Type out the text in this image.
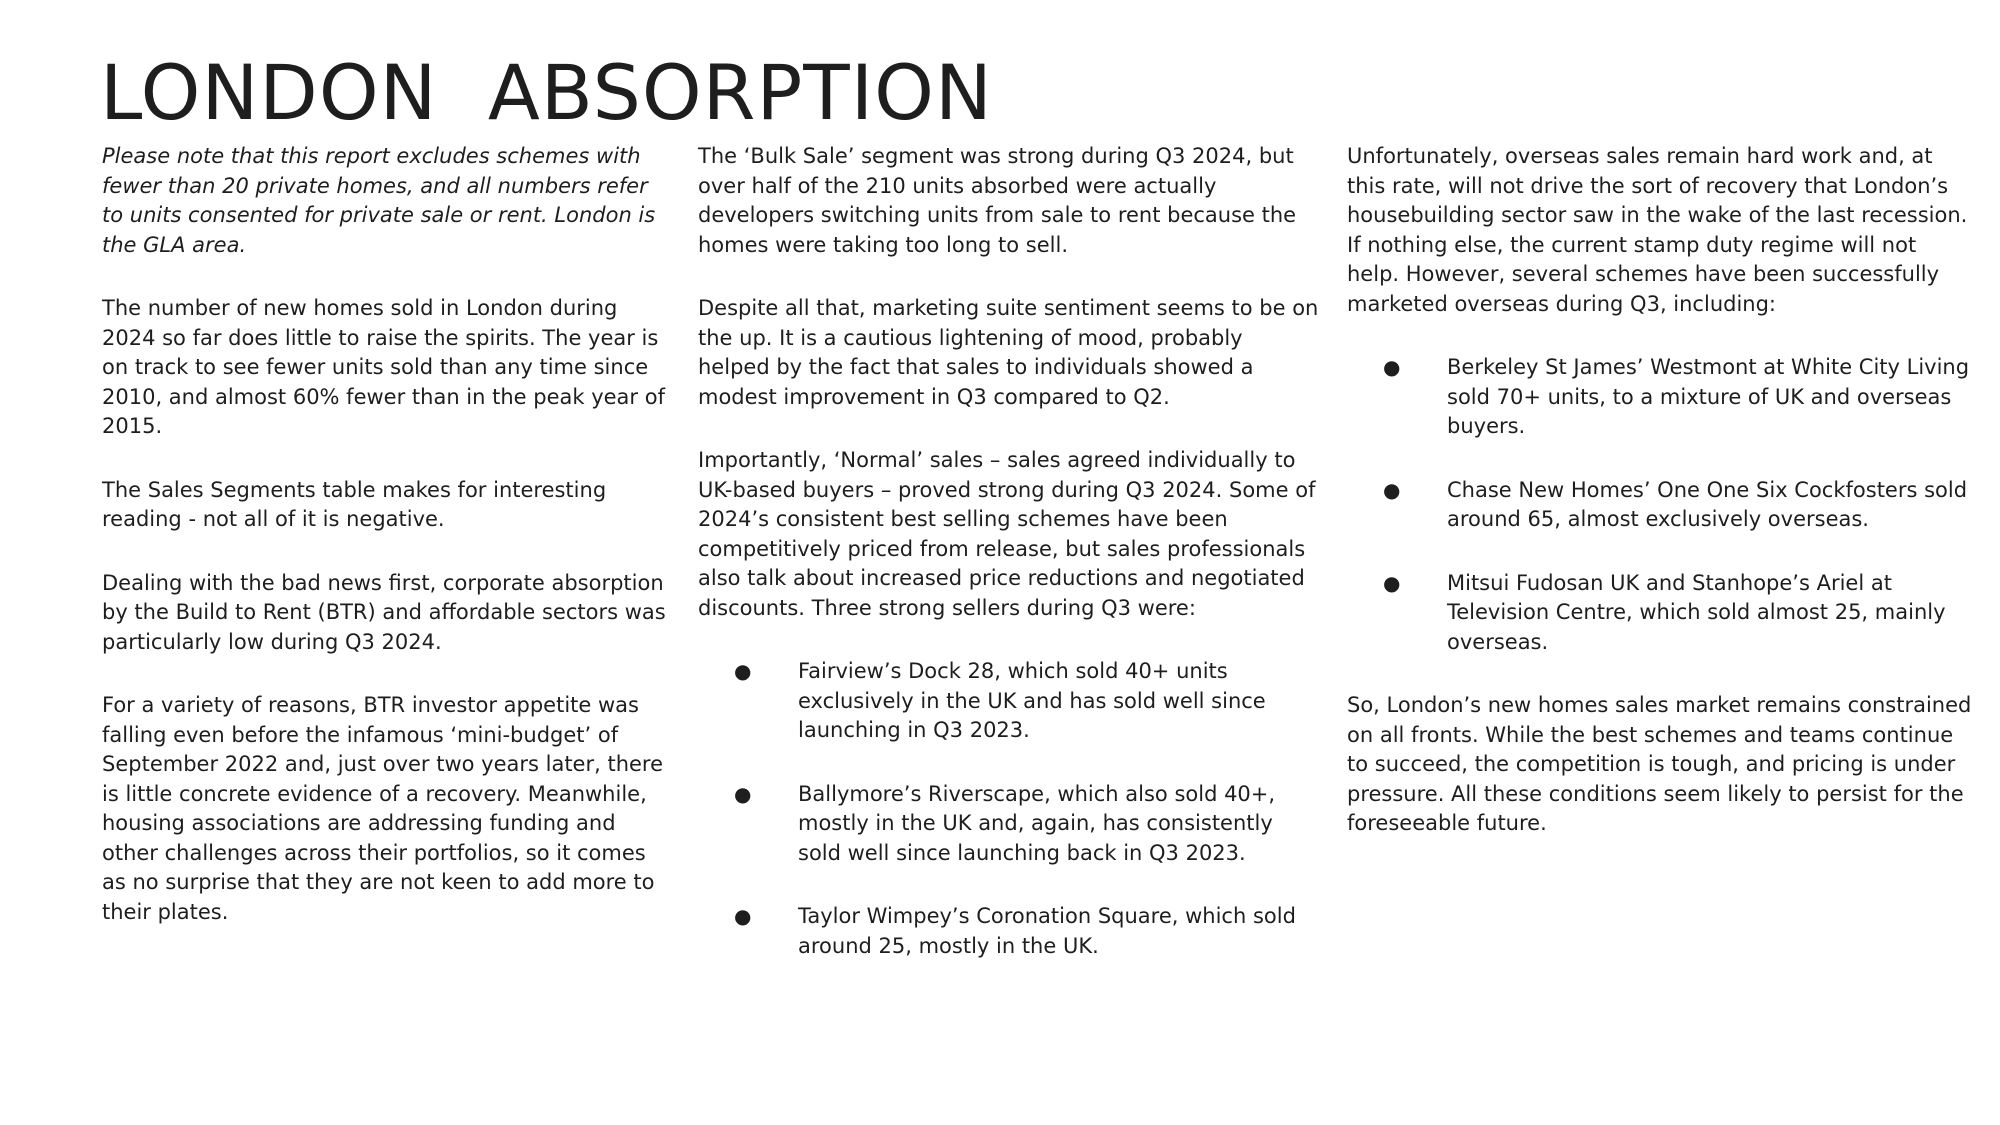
LONDON  ABSORPTION

Please note that this report excludes schemes with fewer than 20 private homes, and all numbers refer to units consented for private sale or rent. London is the GLA area.

The number of new homes sold in London during 2024 so far does little to raise the spirits. The year is on track to see fewer units sold than any time since 2010, and almost 60% fewer than in the peak year of 2015.

The Sales Segments table makes for interesting reading - not all of it is negative.

Dealing with the bad news first, corporate absorption by the Build to Rent (BTR) and affordable sectors was particularly low during Q3 2024.

For a variety of reasons, BTR investor appetite was falling even before the infamous ‘mini-budget’ of September 2022 and, just over two years later, there is little concrete evidence of a recovery. Meanwhile, housing associations are addressing funding and other challenges across their portfolios, so it comes as no surprise that they are not keen to add more to their plates.

The ‘Bulk Sale’ segment was strong during Q3 2024, but over half of the 210 units absorbed were actually developers switching units from sale to rent because the homes were taking too long to sell.

Despite all that, marketing suite sentiment seems to be on the up. It is a cautious lightening of mood, probably helped by the fact that sales to individuals showed a modest improvement in Q3 compared to Q2.

Importantly, ‘Normal’ sales – sales agreed individually to UK-based buyers – proved strong during Q3 2024. Some of 2024’s consistent best selling schemes have been competitively priced from release, but sales professionals also talk about increased price reductions and negotiated discounts. Three strong sellers during Q3 were:

● Fairview’s Dock 28, which sold 40+ units exclusively in the UK and has sold well since launching in Q3 2023.
● Ballymore’s Riverscape, which also sold 40+, mostly in the UK and, again, has consistently sold well since launching back in Q3 2023.
● Taylor Wimpey’s Coronation Square, which sold around 25, mostly in the UK.

Unfortunately, overseas sales remain hard work and, at this rate, will not drive the sort of recovery that London’s housebuilding sector saw in the wake of the last recession. If nothing else, the current stamp duty regime will not help. However, several schemes have been successfully marketed overseas during Q3, including:

● Berkeley St James’ Westmont at White City Living sold 70+ units, to a mixture of UK and overseas buyers.
● Chase New Homes’ One One Six Cockfosters sold around 65, almost exclusively overseas.
● Mitsui Fudosan UK and Stanhope’s Ariel at Television Centre, which sold almost 25, mainly overseas.

So, London’s new homes sales market remains constrained on all fronts. While the best schemes and teams continue to succeed, the competition is tough, and pricing is under pressure. All these conditions seem likely to persist for the foreseeable future.
